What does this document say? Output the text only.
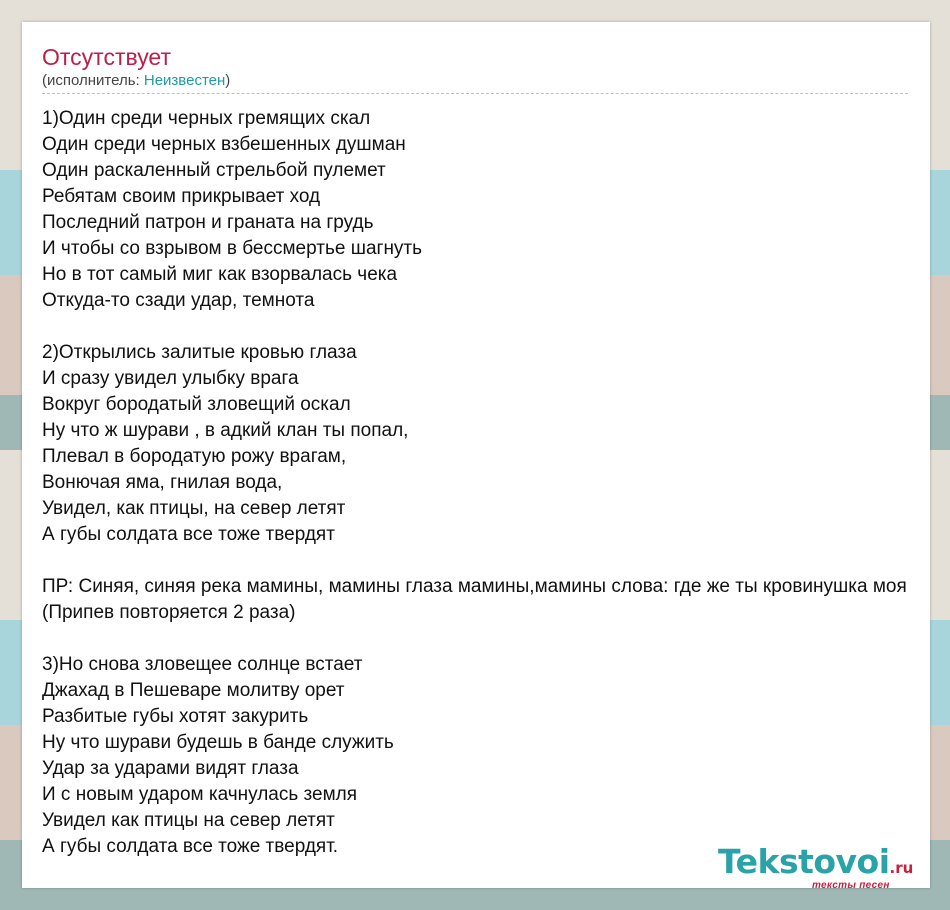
Отсутствует
(исполнитель: Неизвестен)
1)Один среди черных гремящих скал
Один среди черных взбешенных душман
Один раскаленный стрельбой пулемет
Ребятам своим прикрывает ход
Последний патрон и граната на грудь
И чтобы со взрывом в бессмертье шагнуть
Но в тот самый миг как взорвалась чека
Откуда-то сзади удар, темнота
2)Открылись залитые кровью глаза
И сразу увидел улыбку врага
Вокруг бородатый зловещий оскал
Ну что ж шурави , в адкий клан ты попал,
Плевал в бородатую рожу врагам,
Вонючая яма, гнилая вода,
Увидел, как птицы, на север летят
А губы солдата все тоже твердят
ПР: Синяя, синяя река мамины, мамины глаза мамины,мамины слова: где же ты кровинушка моя
(Припев повторяется 2 раза)
3)Но снова зловещее солнце встает
Джахад в Пешеваре молитву орет
Разбитые губы хотят закурить
Ну что шурави будешь в банде служить
Удар за ударами видят глаза
И с новым ударом качнулась земля
Увидел как птицы на север летят
А губы солдата все тоже твердят.	Tekstovoi.ru
тексты песен
